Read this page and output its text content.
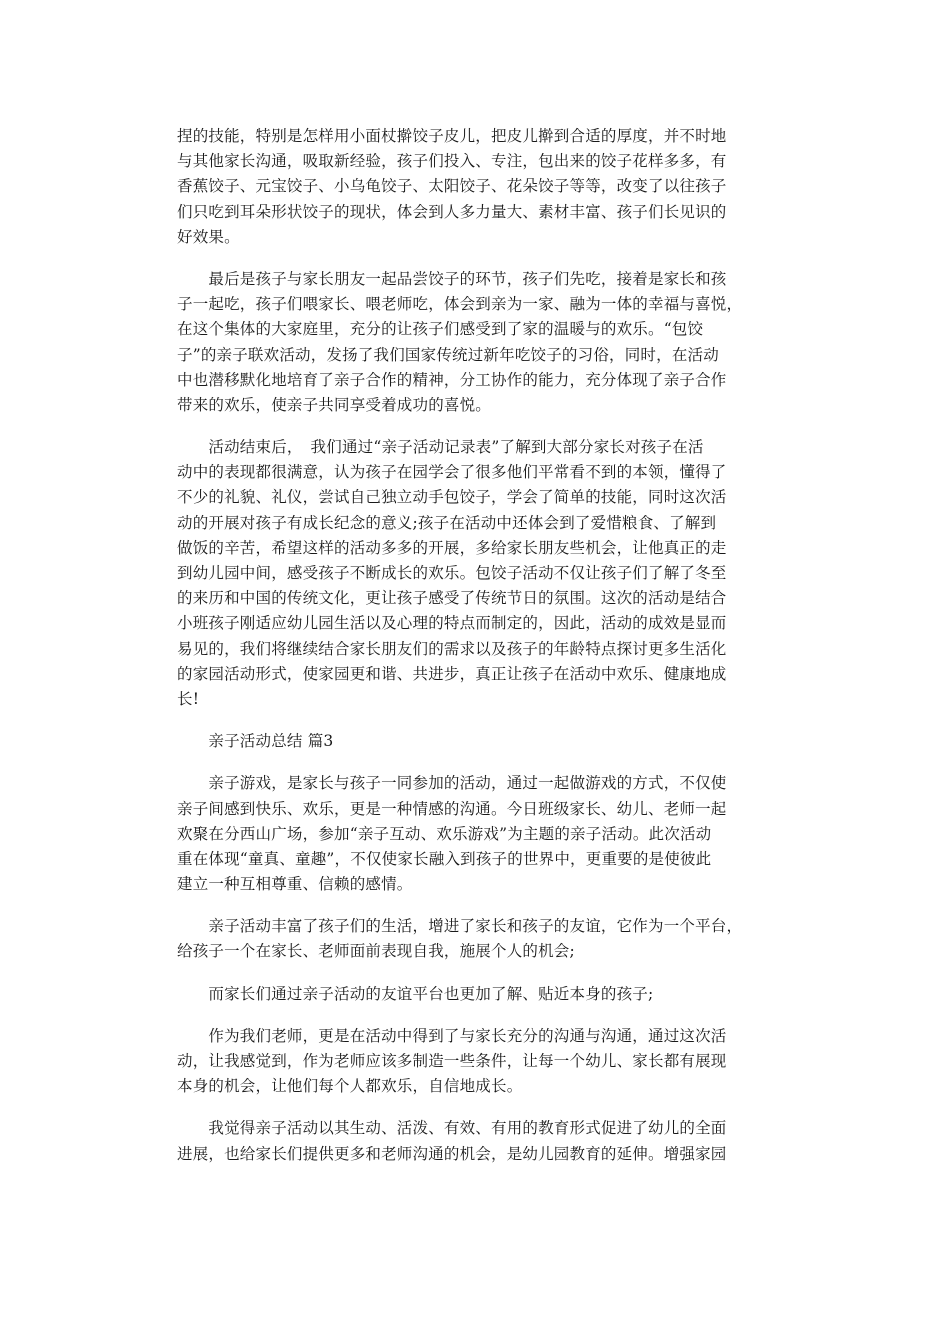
捏的技能，特别是怎样用小面杖擀饺子皮儿，把皮儿擀到合适的厚度，并不时地
与其他家长沟通，吸取新经验，孩子们投入、专注，包出来的饺子花样多多，有
香蕉饺子、元宝饺子、小乌龟饺子、太阳饺子、花朵饺子等等，改变了以往孩子
们只吃到耳朵形状饺子的现状，体会到人多力量大、素材丰富、孩子们长见识的
好效果。
　　最后是孩子与家长朋友一起品尝饺子的环节，孩子们先吃，接着是家长和孩
子一起吃，孩子们喂家长、喂老师吃，体会到亲为一家、融为一体的幸福与喜悦，
在这个集体的大家庭里，充分的让孩子们感受到了家的温暖与的欢乐。“包饺
子”的亲子联欢活动，发扬了我们国家传统过新年吃饺子的习俗，同时，在活动
中也潜移默化地培育了亲子合作的精神，分工协作的能力，充分体现了亲子合作
带来的欢乐，使亲子共同享受着成功的喜悦。
　　活动结束后，　我们通过“亲子活动记录表”了解到大部分家长对孩子在活
动中的表现都很满意，认为孩子在园学会了很多他们平常看不到的本领，懂得了
不少的礼貌、礼仪，尝试自己独立动手包饺子，学会了简单的技能，同时这次活
动的开展对孩子有成长纪念的意义;孩子在活动中还体会到了爱惜粮食、了解到
做饭的辛苦，希望这样的活动多多的开展，多给家长朋友些机会，让他真正的走
到幼儿园中间，感受孩子不断成长的欢乐。包饺子活动不仅让孩子们了解了冬至
的来历和中国的传统文化，更让孩子感受了传统节日的氛围。这次的活动是结合
小班孩子刚适应幼儿园生活以及心理的特点而制定的，因此，活动的成效是显而
易见的，我们将继续结合家长朋友们的需求以及孩子的年龄特点探讨更多生活化
的家园活动形式，使家园更和谐、共进步，真正让孩子在活动中欢乐、健康地成
长!
　　亲子活动总结 篇3
　　亲子游戏，是家长与孩子一同参加的活动，通过一起做游戏的方式，不仅使
亲子间感到快乐、欢乐，更是一种情感的沟通。今日班级家长、幼儿、老师一起
欢聚在分西山广场，参加“亲子互动、欢乐游戏”为主题的亲子活动。此次活动
重在体现“童真、童趣”，不仅使家长融入到孩子的世界中，更重要的是使彼此
建立一种互相尊重、信赖的感情。
　　亲子活动丰富了孩子们的生活，增进了家长和孩子的友谊，它作为一个平台，
给孩子一个在家长、老师面前表现自我，施展个人的机会;
　　而家长们通过亲子活动的友谊平台也更加了解、贴近本身的孩子;
　　作为我们老师，更是在活动中得到了与家长充分的沟通与沟通，通过这次活
动，让我感觉到，作为老师应该多制造一些条件，让每一个幼儿、家长都有展现
本身的机会，让他们每个人都欢乐，自信地成长。
　　我觉得亲子活动以其生动、活泼、有效、有用的教育形式促进了幼儿的全面
进展，也给家长们提供更多和老师沟通的机会，是幼儿园教育的延伸。增强家园
